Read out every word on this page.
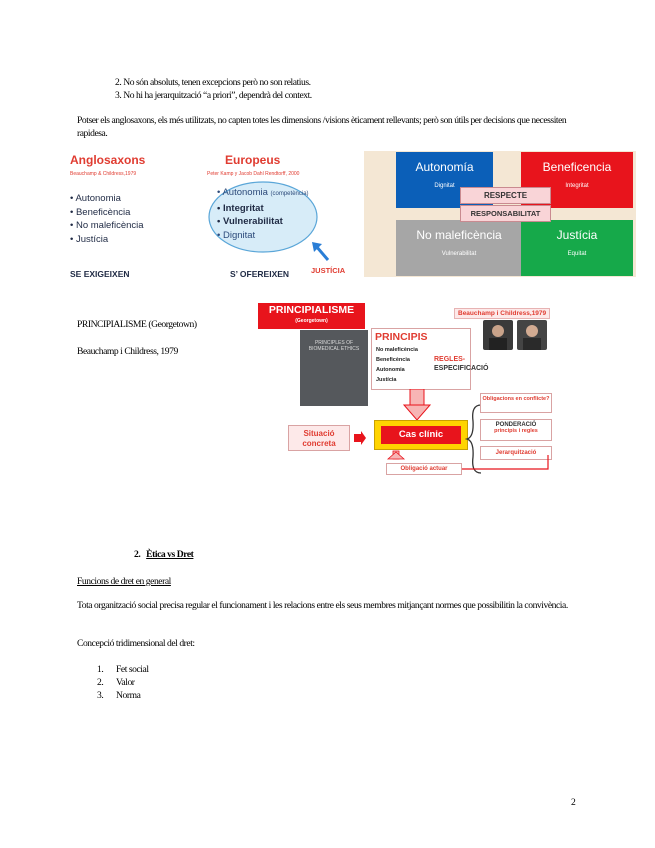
2. No són absoluts, tenen excepcions però no son relatius.
3. No hi ha jerarquització “a priori”, dependrà del context.
Potser els anglosaxons, els més utilitzats, no capten totes les dimensions /visions èticament rellevants; però son útils per decisions que necessiten rapidesa.
Anglosaxons
Beauchamp & Childress,1979
• Autonomia
• Beneficència
• No maleficència
• Justícia
SE EXIGEIXEN
Europeus
Peter Kamp y Jacob Dahl Rendtorff, 2000
• Autonomia (competència)
• Integritat
• Vulnerabilitat
• Dignitat
JUSTÍCIA
S’ OFEREIXEN
Autonomía
Dignitat
Beneficencia
Integritat
No maleficència
Vulnerabilitat
Justícia
Equitat
RESPECTE
RESPONSABILITAT
PRINCIPIALISME (Georgetown)
Beauchamp i Childress, 1979
PRINCIPIALISME
(Georgetown)
PRINCIPLES OF BIOMEDICAL ETHICS
Beauchamp i Childress,1979
PRINCIPIS
No maleficència
Beneficència
Autonomia
Justícia
REGLES-
ESPECIFICACIÓ
Situació concreta
Cas clínic
Obligacions en conflicte?
PONDERACIÓ
principis i regles
Jerarquització
Obligació actuar
2. Ètica vs Dret
Funcions de dret en general
Tota organització social precisa regular el funcionament i les relacions entre els seus membres mitjançant normes que possibilitin la convivència.
Concepció tridimensional del dret:
1. Fet social
2. Valor
3. Norma
2
